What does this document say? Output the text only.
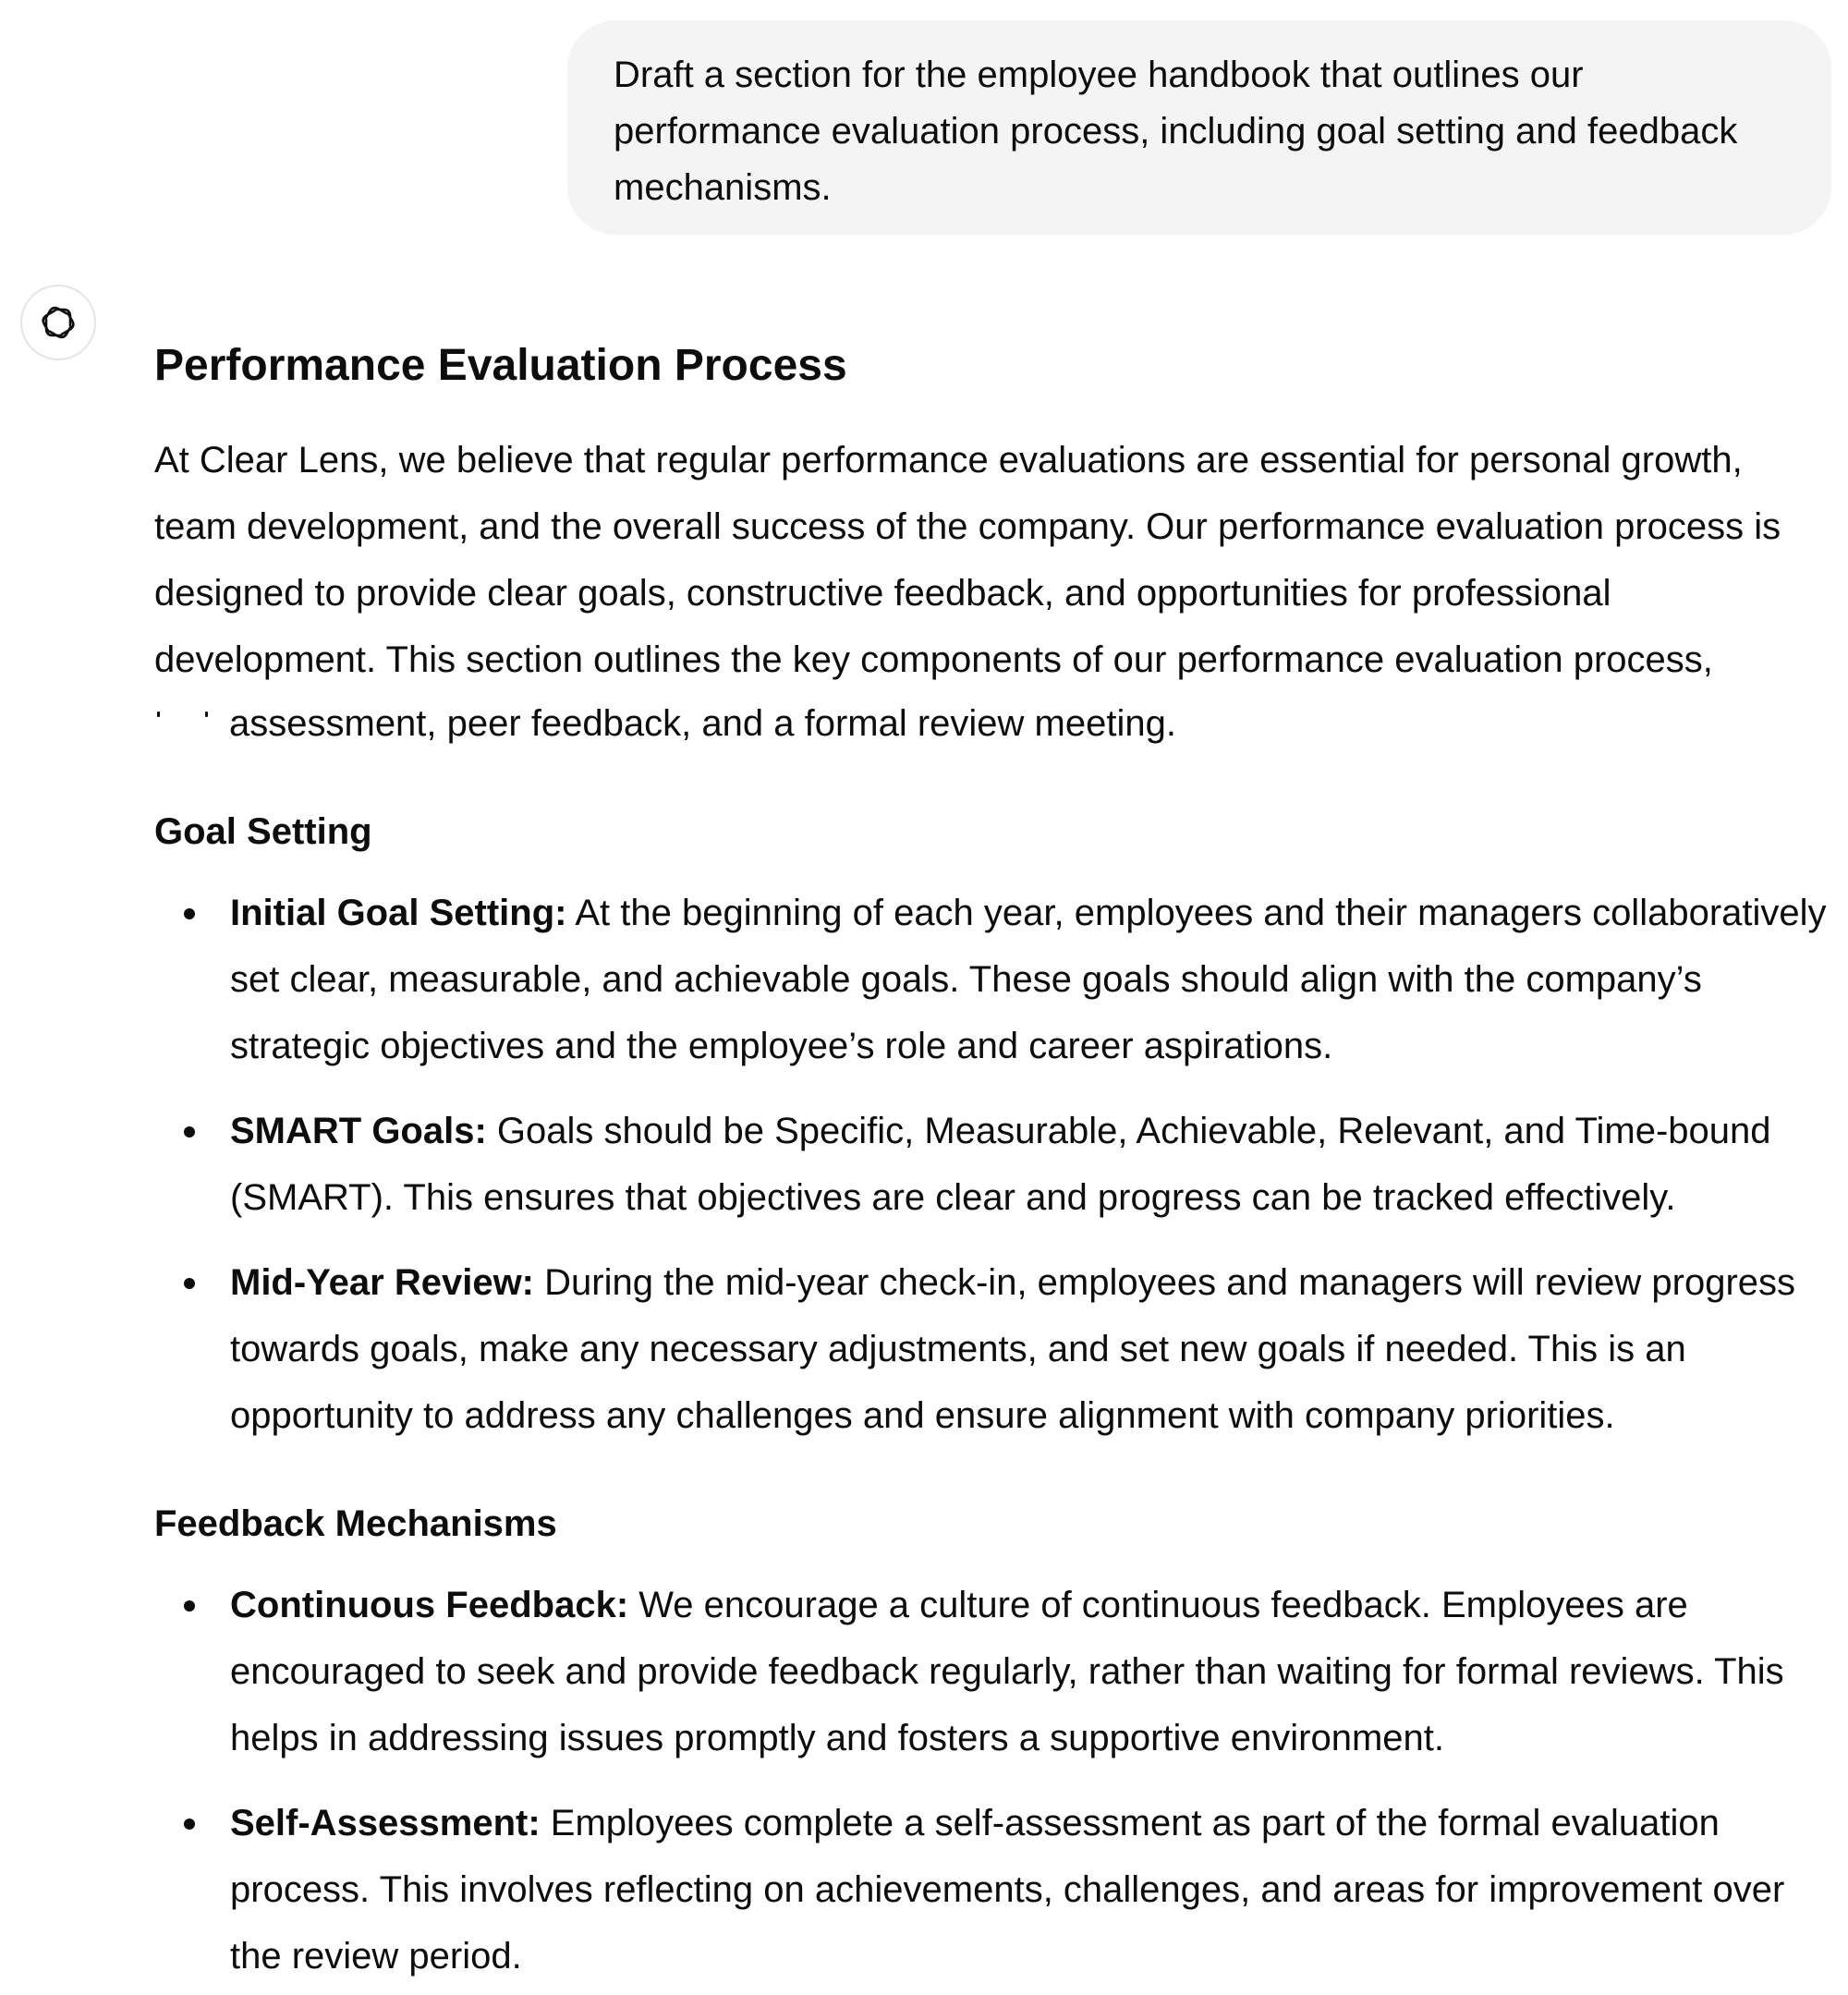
Draft a section for the employee handbook that outlines our performance evaluation process, including goal setting and feedback mechanisms.
Performance Evaluation Process

At Clear Lens, we believe that regular performance evaluations are essential for personal growth, team development, and the overall success of the company. Our performance evaluation process is designed to provide clear goals, constructive feedback, and opportunities for professional development. This section outlines the key components of our performance evaluation process,

assessment, peer feedback, and a formal review meeting.

Goal Setting
Initial Goal Setting: At the beginning of each year, employees and their managers collaboratively set clear, measurable, and achievable goals. These goals should align with the company’s strategic objectives and the employee’s role and career aspirations.
SMART Goals: Goals should be Specific, Measurable, Achievable, Relevant, and Time-bound (SMART). This ensures that objectives are clear and progress can be tracked effectively.
Mid-Year Review: During the mid-year check-in, employees and managers will review progress towards goals, make any necessary adjustments, and set new goals if needed. This is an opportunity to address any challenges and ensure alignment with company priorities.
Feedback Mechanisms
Continuous Feedback: We encourage a culture of continuous feedback. Employees are encouraged to seek and provide feedback regularly, rather than waiting for formal reviews. This helps in addressing issues promptly and fosters a supportive environment.
Self-Assessment: Employees complete a self-assessment as part of the formal evaluation process. This involves reflecting on achievements, challenges, and areas for improvement over the review period.
